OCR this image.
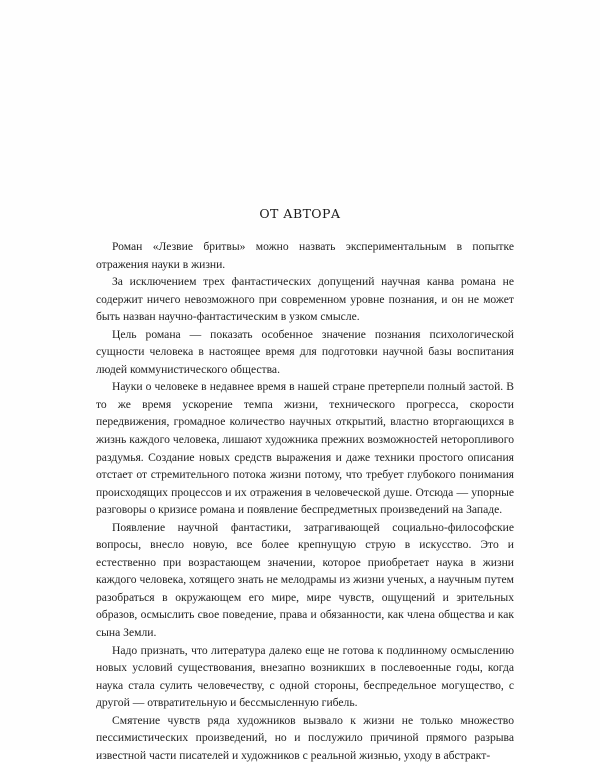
ОТ АВТОРА

Роман «Лезвие бритвы» можно назвать экспериментальным в попытке отражения науки в жизни.

За исключением трех фантастических допущений научная канва романа не содержит ничего невозможного при современном уровне познания, и он не может быть назван научно-фантастическим в узком смысле.

Цель романа — показать особенное значение познания психологической сущности человека в настоящее время для подготовки научной базы воспитания людей коммунистического общества.

Науки о человеке в недавнее время в нашей стране претерпели полный застой. В то же время ускорение темпа жизни, технического прогресса, скорости передвижения, громадное количество научных открытий, властно вторгающихся в жизнь каждого человека, лишают художника прежних возможностей неторопливого раздумья. Создание новых средств выражения и даже техники простого описания отстает от стремительного потока жизни потому, что требует глубокого понимания происходящих процессов и их отражения в человеческой душе. Отсюда — упорные разговоры о кризисе романа и появление беспредметных произведений на Западе.

Появление научной фантастики, затрагивающей социально-философские вопросы, внесло новую, все более крепнущую струю в искусство. Это и естественно при возрастающем значении, которое приобретает наука в жизни каждого человека, хотящего знать не мелодрамы из жизни ученых, а научным путем разобраться в окружающем его мире, мире чувств, ощущений и зрительных образов, осмыслить свое поведение, права и обязанности, как члена общества и как сына Земли.

Надо признать, что литература далеко еще не готова к подлинному осмыслению новых условий существования, внезапно возникших в послевоенные годы, когда наука стала сулить человечеству, с одной стороны, беспредельное могущество, с другой — отвратительную и бессмысленную гибель.

Смятение чувств ряда художников вызвало к жизни не только множество пессимистических произведений, но и послужило причиной прямого разрыва известной части писателей и художников с реальной жизнью, уходу в абстракт-
